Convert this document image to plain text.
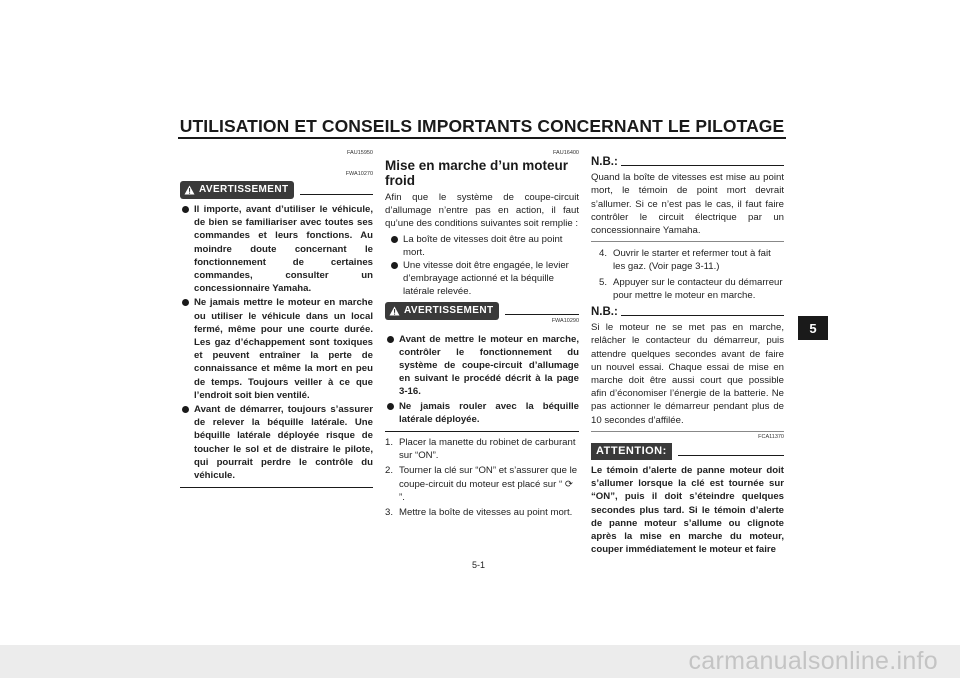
UTILISATION ET CONSEILS IMPORTANTS CONCERNANT LE PILOTAGE
5
FAU15950
FWA10270
AVERTISSEMENT
Il importe, avant d’utiliser le véhicule, de bien se familiariser avec toutes ses commandes et leurs fonctions. Au moindre doute concernant le fonctionnement de certaines commandes, consulter un concessionnaire Yamaha.
Ne jamais mettre le moteur en marche ou utiliser le véhicule dans un local fermé, même pour une courte durée. Les gaz d’échappement sont toxiques et peuvent entraîner la perte de connaissance et même la mort en peu de temps. Toujours veiller à ce que l’endroit soit bien ventilé.
Avant de démarrer, toujours s’assurer de relever la béquille latérale. Une béquille latérale déployée risque de toucher le sol et de distraire le pilote, qui pourrait perdre le contrôle du véhicule.
FAU16400
Mise en marche d’un moteur froid
Afin que le système de coupe-circuit d’allumage n’entre pas en action, il faut qu’une des conditions suivantes soit remplie :
La boîte de vitesses doit être au point mort.
Une vitesse doit être engagée, le levier d’embrayage actionné et la béquille latérale relevée.
AVERTISSEMENT
FWA10290
Avant de mettre le moteur en marche, contrôler le fonctionnement du système de coupe-circuit d’allumage en suivant le procédé décrit à la page 3-16.
Ne jamais rouler avec la béquille latérale déployée.
1. Placer la manette du robinet de carburant sur “ON”.
2. Tourner la clé sur “ON” et s’assurer que le coupe-circuit du moteur est placé sur “ ⟳ ”.
3. Mettre la boîte de vitesses au point mort.
N.B.:
Quand la boîte de vitesses est mise au point mort, le témoin de point mort devrait s’allumer. Si ce n’est pas le cas, il faut faire contrôler le circuit électrique par un concessionnaire Yamaha.
4. Ouvrir le starter et refermer tout à fait les gaz. (Voir page 3-11.)
5. Appuyer sur le contacteur du démarreur pour mettre le moteur en marche.
N.B.:
Si le moteur ne se met pas en marche, relâcher le contacteur du démarreur, puis attendre quelques secondes avant de faire un nouvel essai. Chaque essai de mise en marche doit être aussi court que possible afin d’économiser l’énergie de la batterie. Ne pas actionner le démarreur pendant plus de 10 secondes d’affilée.
FCA11370
ATTENTION:
Le témoin d’alerte de panne moteur doit s’allumer lorsque la clé est tournée sur “ON”, puis il doit s’éteindre quelques secondes plus tard. Si le témoin d’alerte de panne moteur s’allume ou clignote après la mise en marche du moteur, couper immédiatement le moteur et faire
5-1
carmanualsonline.info
